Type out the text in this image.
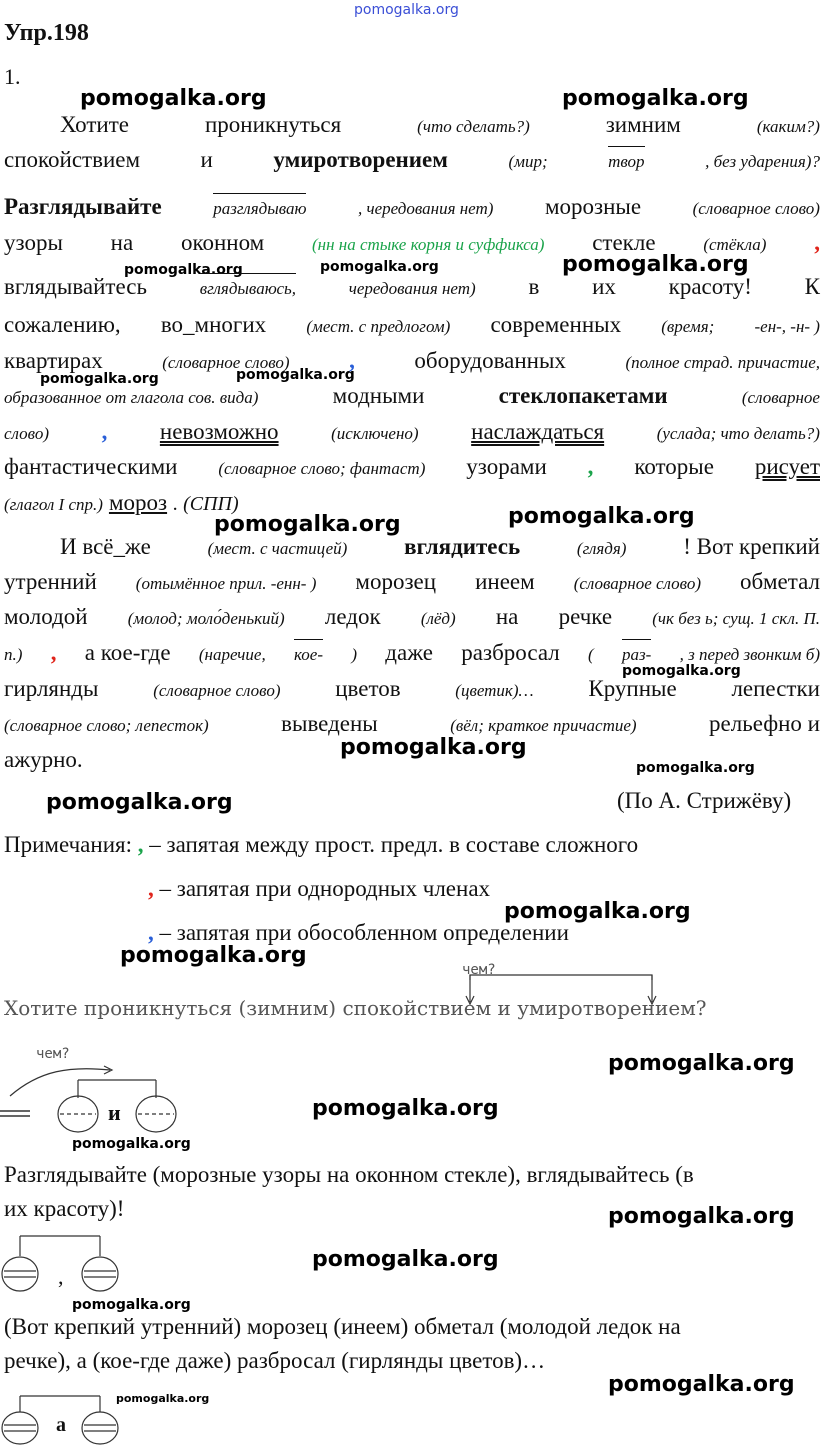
pomogalka.org
Упр.198
1.
pomogalka.org	pomogalka.org
pomogalka.org	pomogalka.org	pomogalka.org
pomogalka.org	pomogalka.org
pomogalka.org	pomogalka.org
pomogalka.org
pomogalka.org
pomogalka.org
pomogalka.org
pomogalka.org
pomogalka.org
pomogalka.org
pomogalka.org
pomogalka.org
pomogalka.org
pomogalka.org
pomogalka.org
pomogalka.org
pomogalka.org
Хотите	проникнуться	(что сделать?)	зимним	(каким?)
спокойствием	и	умиротворением	(мир;	твор	, без ударения)?
Разглядывайте	разглядываю	, чередования нет) морозные	(словарное слово)
узоры на оконном	(нн на стыке корня и суффикса) стекле	(стёкла) ,
вглядывайтесь	вглядываюсь,	чередования нет) в их красоту! К
сожалению, во_многих (мест. с предлогом) современных (время; -ен-, -н- )
квартирах	(словарное слово)	,	оборудованных	(полное страд. причастие,
образованное от глагола сов. вида)	модными	стеклопакетами	(словарное
слово) , невозможно	(исключено) наслаждаться	(услада; что делать?)
фантастическими (словарное слово; фантаст) узорами , которые рисует
(глагол I спр.) мороз . (СПП)
И всё_же	(мест. с частицей) вглядитесь	(глядя) ! Вот крепкий
утренний (отымённое прил. -енн- ) морозец инеем (словарное слово) обметал
молодой (молод; моло́денький) ледок (лёд) на речке (чк без ь; сущ. 1 скл. П.
п.) , а кое-где (наречие, кое- ) даже разбросал ( раз- , з перед звонким б)
гирлянды	(словарное слово) цветов	(цветик)… Крупные лепестки
(словарное слово; лепесток)	выведены	(вёл; краткое причастие)	рельефно и
ажурно.
(По А. Стрижёву)
Примечания: , – запятая между прост. предл. в составе сложного
, – запятая при однородных членах
, – запятая при обособленном определении
чем?
Хотите проникнуться (зимним) спокойствием и умиротворением?
чем?
и
Разглядывайте (морозные узоры на оконном стекле), вглядывайтесь (в
их красоту)!
,
(Вот крепкий утренний) морозец (инеем) обметал (молодой ледок на
речке), а (кое-где даже) разбросал (гирлянды цветов)…
а
